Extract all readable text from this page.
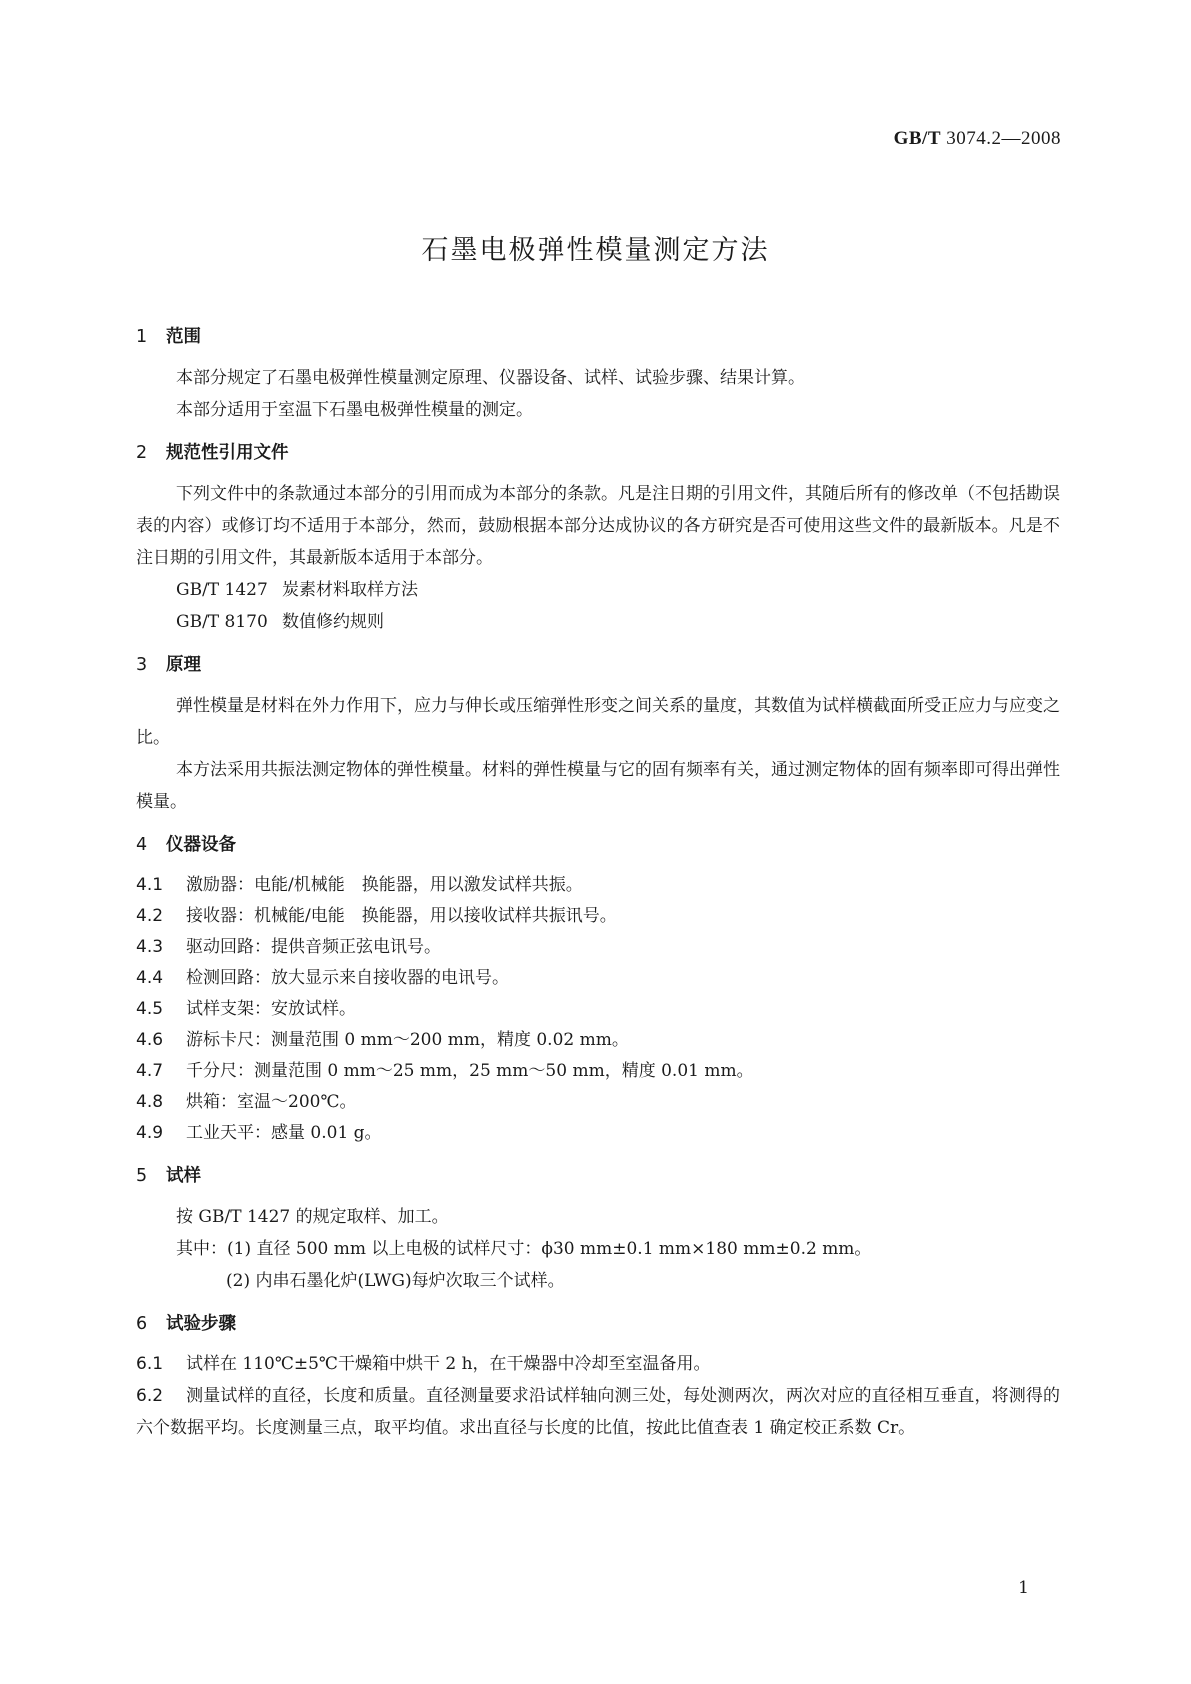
GB/T 3074.2—2008
石墨电极弹性模量测定方法
1 范围

本部分规定了石墨电极弹性模量测定原理、仪器设备、试样、试验步骤、结果计算。

本部分适用于室温下石墨电极弹性模量的测定。

2 规范性引用文件

下列文件中的条款通过本部分的引用而成为本部分的条款。凡是注日期的引用文件，其随后所有的修改单（不包括勘误表的内容）或修订均不适用于本部分，然而，鼓励根据本部分达成协议的各方研究是否可使用这些文件的最新版本。凡是不注日期的引用文件，其最新版本适用于本部分。

GB/T 1427 炭素材料取样方法
GB/T 8170 数值修约规则
3 原理

弹性模量是材料在外力作用下，应力与伸长或压缩弹性形变之间关系的量度，其数值为试样横截面所受正应力与应变之比。

本方法采用共振法测定物体的弹性模量。材料的弹性模量与它的固有频率有关，通过测定物体的固有频率即可得出弹性模量。

4 仪器设备
4.1 激励器：电能/机械能　换能器，用以激发试样共振。
4.2 接收器：机械能/电能　换能器，用以接收试样共振讯号。
4.3 驱动回路：提供音频正弦电讯号。
4.4 检测回路：放大显示来自接收器的电讯号。
4.5 试样支架：安放试样。
4.6 游标卡尺：测量范围 0 mm～200 mm，精度 0.02 mm。
4.7 千分尺：测量范围 0 mm～25 mm，25 mm～50 mm，精度 0.01 mm。
4.8 烘箱：室温～200℃。
4.9 工业天平：感量 0.01 g。
5 试样
按 GB/T 1427 的规定取样、加工。
其中：(1) 直径 500 mm 以上电极的试样尺寸：ϕ30 mm±0.1 mm×180 mm±0.2 mm。
(2) 内串石墨化炉(LWG)每炉次取三个试样。
6 试验步骤
6.1 试样在 110℃±5℃干燥箱中烘干 2 h，在干燥器中冷却至室温备用。

6.2 测量试样的直径，长度和质量。直径测量要求沿试样轴向测三处，每处测两次，两次对应的直径相互垂直，将测得的六个数据平均。长度测量三点，取平均值。求出直径与长度的比值，按此比值查表 1 确定校正系数 Cr。

1
